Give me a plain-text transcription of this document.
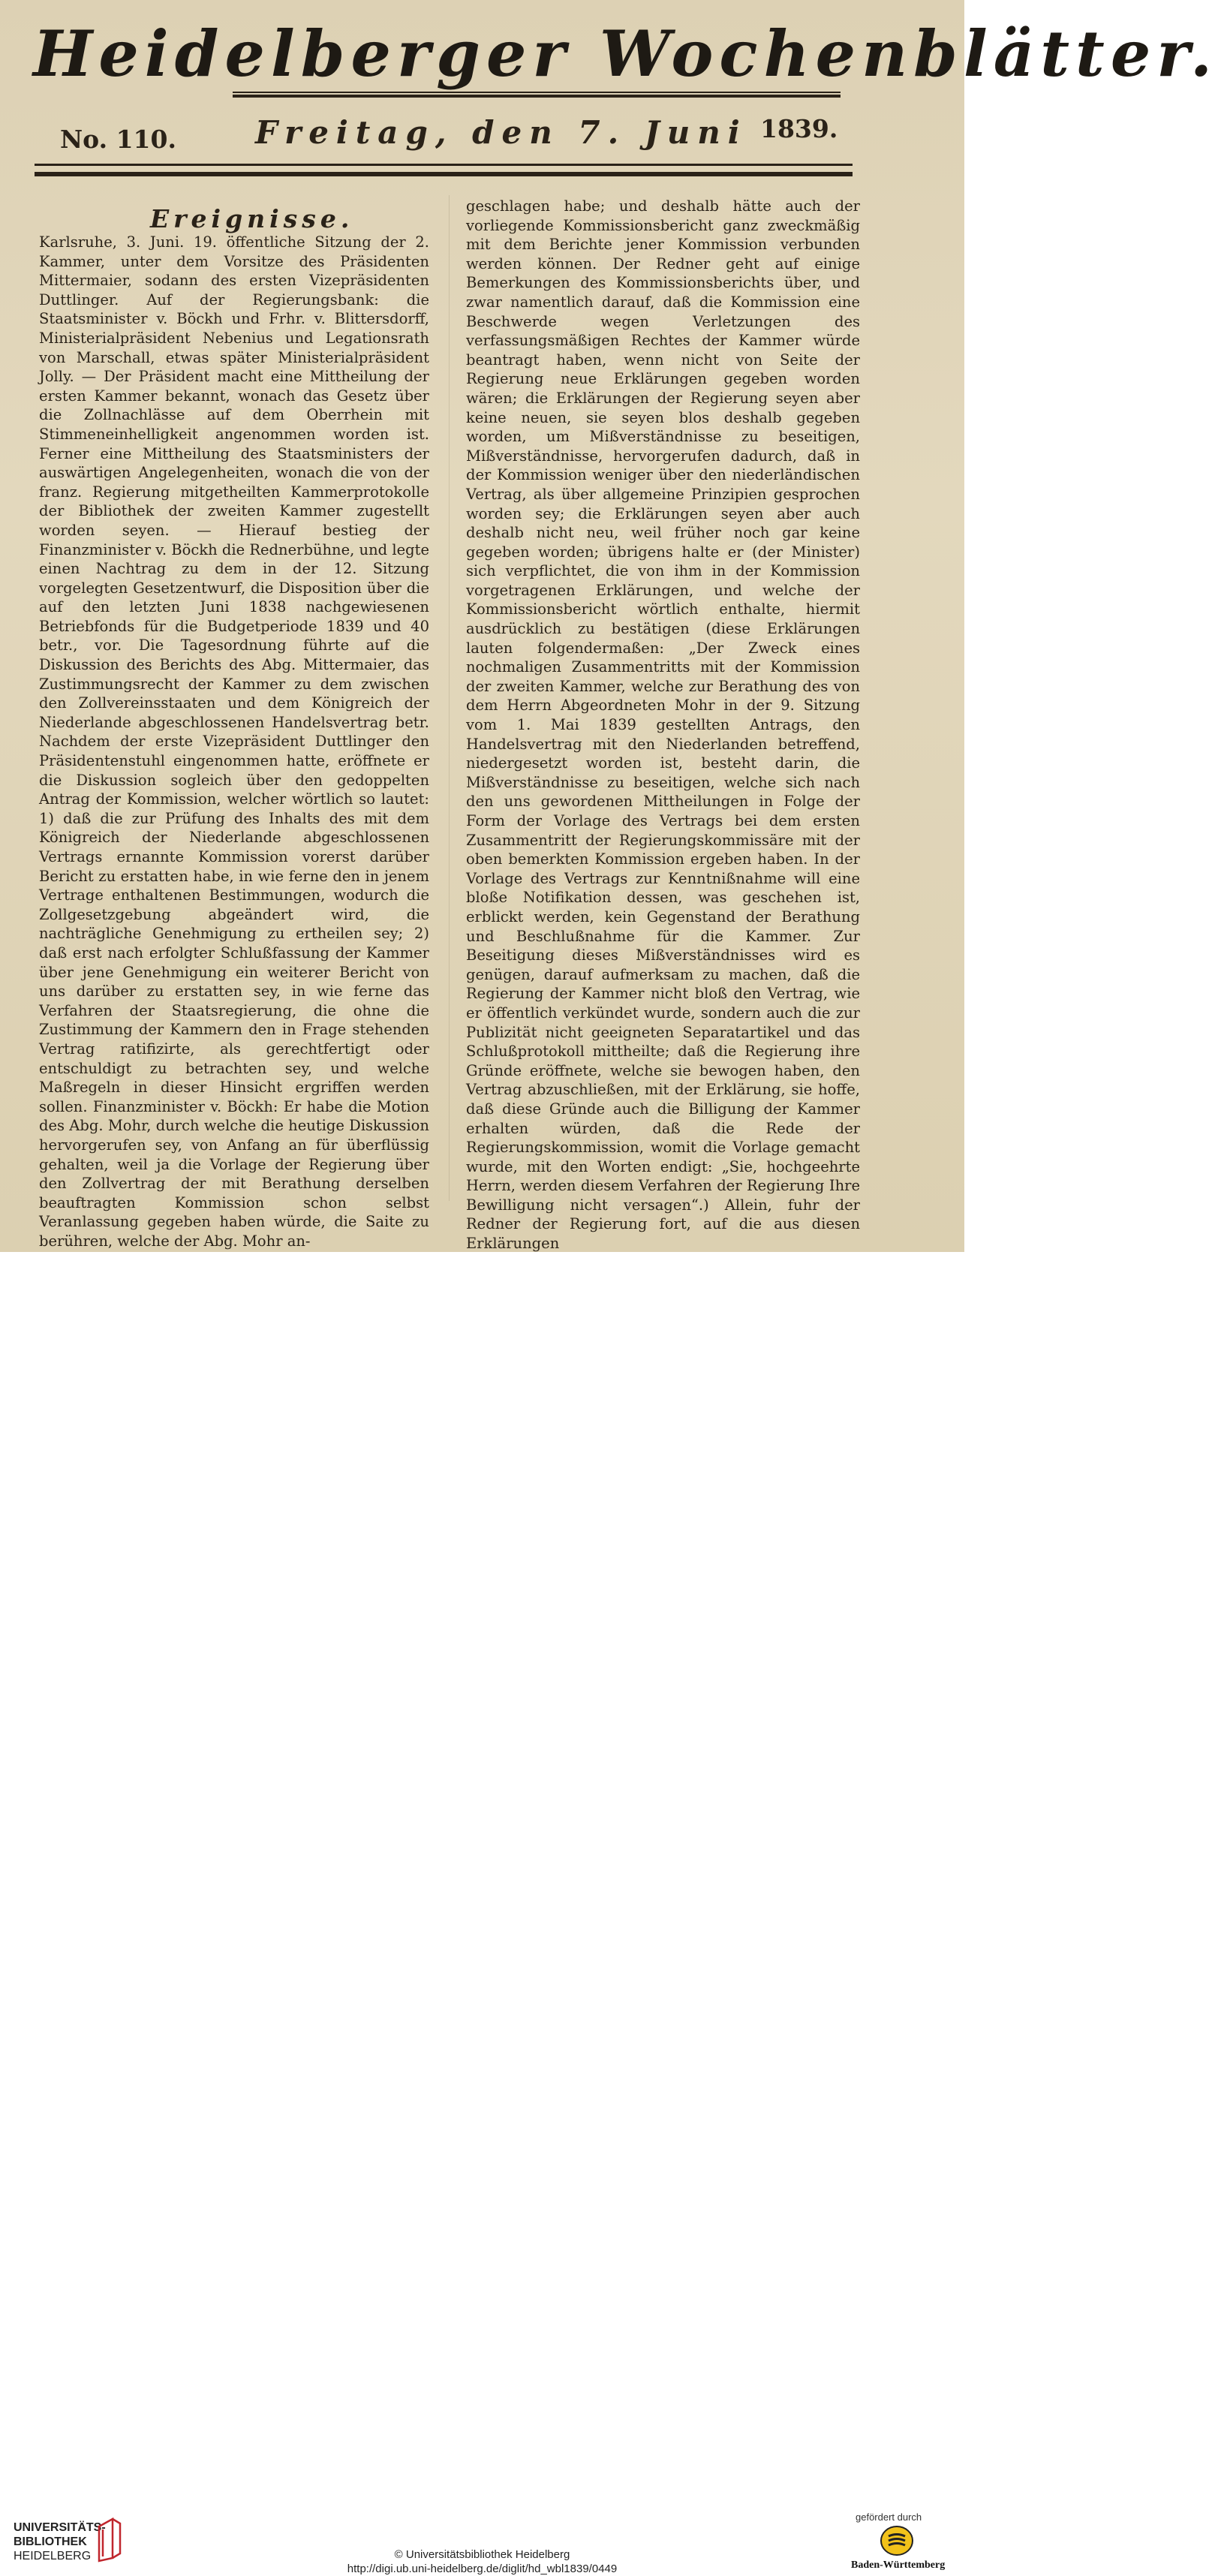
Heidelberger Wochenblätter.
No. 110.	Freitag, den 7. Juni 1839.
Ereignisse.
Karlsruhe, 3. Juni. 19. öffentliche Sitzung der 2. Kammer, unter dem Vorsitze des Präsidenten Mittermaier, sodann des ersten Vizepräsidenten Duttlinger. Auf der Regierungsbank: die Staatsminister v. Böckh und Frhr. v. Blittersdorff, Ministerialpräsident Nebenius und Legationsrath von Marschall, etwas später Ministerialpräsident Jolly. — Der Präsident macht eine Mittheilung der ersten Kammer bekannt, wonach das Gesetz über die Zollnachlässe auf dem Oberrhein mit Stimmeneinhelligkeit angenommen worden ist. Ferner eine Mittheilung des Staatsministers der auswärtigen Angelegenheiten, wonach die von der franz. Regierung mitgetheilten Kammerprotokolle der Bibliothek der zweiten Kammer zugestellt worden seyen. — Hierauf bestieg der Finanzminister v. Böckh die Rednerbühne, und legte einen Nachtrag zu dem in der 12. Sitzung vorgelegten Gesetzentwurf, die Disposition über die auf den letzten Juni 1838 nachgewiesenen Betriebfonds für die Budgetperiode 1839 und 40 betr., vor. Die Tagesordnung führte auf die Diskussion des Berichts des Abg. Mittermaier, das Zustimmungsrecht der Kammer zu dem zwischen den Zollvereinsstaaten und dem Königreich der Niederlande abgeschlossenen Handelsvertrag betr. Nachdem der erste Vizepräsident Duttlinger den Präsidentenstuhl eingenommen hatte, eröffnete er die Diskussion sogleich über den gedoppelten Antrag der Kommission, welcher wörtlich so lautet: 1) daß die zur Prüfung des Inhalts des mit dem Königreich der Niederlande abgeschlossenen Vertrags ernannte Kommission vorerst darüber Bericht zu erstatten habe, in wie ferne den in jenem Vertrage enthaltenen Bestimmungen, wodurch die Zollgesetzgebung abgeändert wird, die nachträgliche Genehmigung zu ertheilen sey; 2) daß erst nach erfolgter Schlußfassung der Kammer über jene Genehmigung ein weiterer Bericht von uns darüber zu erstatten sey, in wie ferne das Verfahren der Staatsregierung, die ohne die Zustimmung der Kammern den in Frage stehenden Vertrag ratifizirte, als gerechtfertigt oder entschuldigt zu betrachten sey, und welche Maßregeln in dieser Hinsicht ergriffen werden sollen. Finanzminister v. Böckh: Er habe die Motion des Abg. Mohr, durch welche die heutige Diskussion hervorgerufen sey, von Anfang an für überflüssig gehalten, weil ja die Vorlage der Regierung über den Zollvertrag der mit Berathung derselben beauftragten Kommission schon selbst Veranlassung gegeben haben würde, die Saite zu berühren, welche der Abg. Mohr an-
geschlagen habe; und deshalb hätte auch der vorliegende Kommissionsbericht ganz zweckmäßig mit dem Berichte jener Kommission verbunden werden können. Der Redner geht auf einige Bemerkungen des Kommissionsberichts über, und zwar namentlich darauf, daß die Kommission eine Beschwerde wegen Verletzungen des verfassungsmäßigen Rechtes der Kammer würde beantragt haben, wenn nicht von Seite der Regierung neue Erklärungen gegeben worden wären; die Erklärungen der Regierung seyen aber keine neuen, sie seyen blos deshalb gegeben worden, um Mißverständnisse zu beseitigen, Mißverständnisse, hervorgerufen dadurch, daß in der Kommission weniger über den niederländischen Vertrag, als über allgemeine Prinzipien gesprochen worden sey; die Erklärungen seyen aber auch deshalb nicht neu, weil früher noch gar keine gegeben worden; übrigens halte er (der Minister) sich verpflichtet, die von ihm in der Kommission vorgetragenen Erklärungen, und welche der Kommissionsbericht wörtlich enthalte, hiermit ausdrücklich zu bestätigen (diese Erklärungen lauten folgendermaßen: „Der Zweck eines nochmaligen Zusammentritts mit der Kommission der zweiten Kammer, welche zur Berathung des von dem Herrn Abgeordneten Mohr in der 9. Sitzung vom 1. Mai 1839 gestellten Antrags, den Handelsvertrag mit den Niederlanden betreffend, niedergesetzt worden ist, besteht darin, die Mißverständnisse zu beseitigen, welche sich nach den uns gewordenen Mittheilungen in Folge der Form der Vorlage des Vertrags bei dem ersten Zusammentritt der Regierungskommissäre mit der oben bemerkten Kommission ergeben haben. In der Vorlage des Vertrags zur Kenntnißnahme will eine bloße Notifikation dessen, was geschehen ist, erblickt werden, kein Gegenstand der Berathung und Beschlußnahme für die Kammer. Zur Beseitigung dieses Mißverständnisses wird es genügen, darauf aufmerksam zu machen, daß die Regierung der Kammer nicht bloß den Vertrag, wie er öffentlich verkündet wurde, sondern auch die zur Publizität nicht geeigneten Separatartikel und das Schlußprotokoll mittheilte; daß die Regierung ihre Gründe eröffnete, welche sie bewogen haben, den Vertrag abzuschließen, mit der Erklärung, sie hoffe, daß diese Gründe auch die Billigung der Kammer erhalten würden, daß die Rede der Regierungskommission, womit die Vorlage gemacht wurde, mit den Worten endigt: „Sie, hochgeehrte Herrn, werden diesem Verfahren der Regierung Ihre Bewilligung nicht versagen“.) Allein, fuhr der Redner der Regierung fort, auf die aus diesen Erklärungen
UNIVERSITÄTS-
BIBLIOTHEK
HEIDELBERG	© Universitätsbibliothek Heidelberg
http://digi.ub.uni-heidelberg.de/diglit/hd_wbl1839/0449
gefördert durch
Baden-Württemberg
